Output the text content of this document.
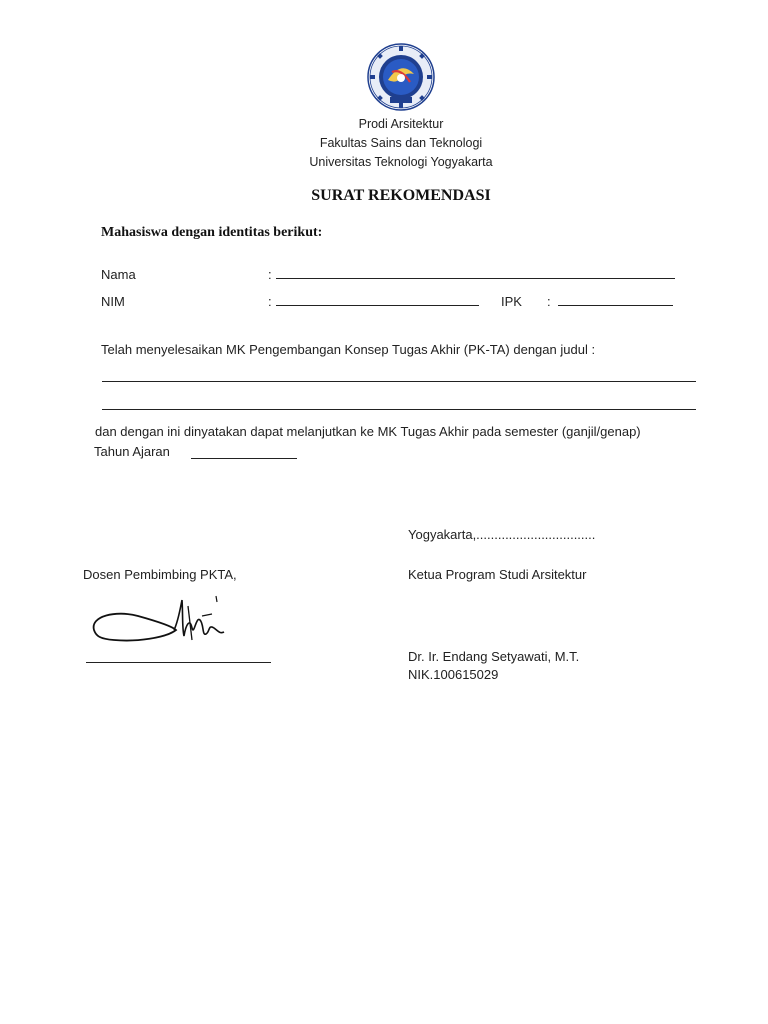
Prodi Arsitektur
Fakultas Sains dan Teknologi
Universitas Teknologi Yogyakarta
SURAT REKOMENDASI
Mahasiswa dengan identitas berikut:
Nama	:
NIM	:	IPK :
Telah menyelesaikan MK Pengembangan Konsep Tugas Akhir (PK-TA) dengan judul :
dan dengan ini dinyatakan dapat melanjutkan ke MK Tugas Akhir pada semester (ganjil/genap)
Tahun Ajaran
Yogyakarta,.................................
Ketua Program Studi Arsitektur
Dr. Ir. Endang Setyawati, M.T.
NIK.100615029
Dosen Pembimbing PKTA,
